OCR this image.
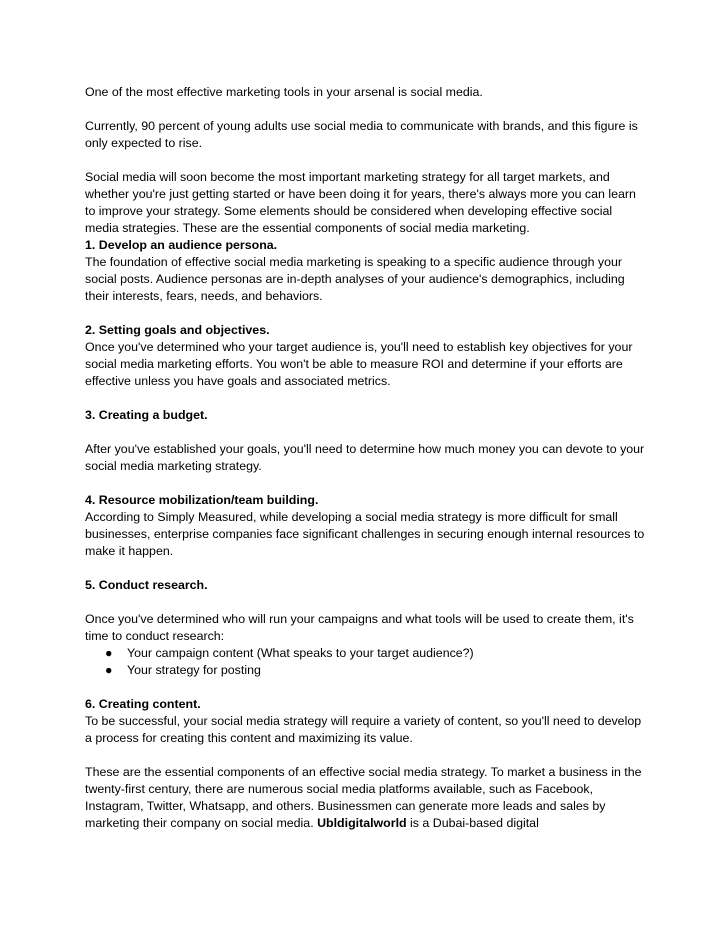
One of the most effective marketing tools in your arsenal is social media.

Currently, 90 percent of young adults use social media to communicate with brands, and this figure is only expected to rise.

Social media will soon become the most important marketing strategy for all target markets, and whether you're just getting started or have been doing it for years, there's always more you can learn to improve your strategy. Some elements should be considered when developing effective social media strategies. These are the essential components of social media marketing.

1. Develop an audience persona.

The foundation of effective social media marketing is speaking to a specific audience through your social posts. Audience personas are in-depth analyses of your audience's demographics, including their interests, fears, needs, and behaviors.

2. Setting goals and objectives.

Once you've determined who your target audience is, you'll need to establish key objectives for your social media marketing efforts. You won't be able to measure ROI and determine if your efforts are effective unless you have goals and associated metrics.

3. Creating a budget.

After you've established your goals, you'll need to determine how much money you can devote to your social media marketing strategy.

4. Resource mobilization/team building.

According to Simply Measured, while developing a social media strategy is more difficult for small businesses, enterprise companies face significant challenges in securing enough internal resources to make it happen.

5. Conduct research.

Once you've determined who will run your campaigns and what tools will be used to create them, it's time to conduct research:

● Your campaign content (What speaks to your target audience?)
● Your strategy for posting

6. Creating content.

To be successful, your social media strategy will require a variety of content, so you'll need to develop a process for creating this content and maximizing its value.

These are the essential components of an effective social media strategy. To market a business in the twenty-first century, there are numerous social media platforms available, such as Facebook, Instagram, Twitter, Whatsapp, and others. Businessmen can generate more leads and sales by marketing their company on social media. Ubldigitalworld is a Dubai-based digital
